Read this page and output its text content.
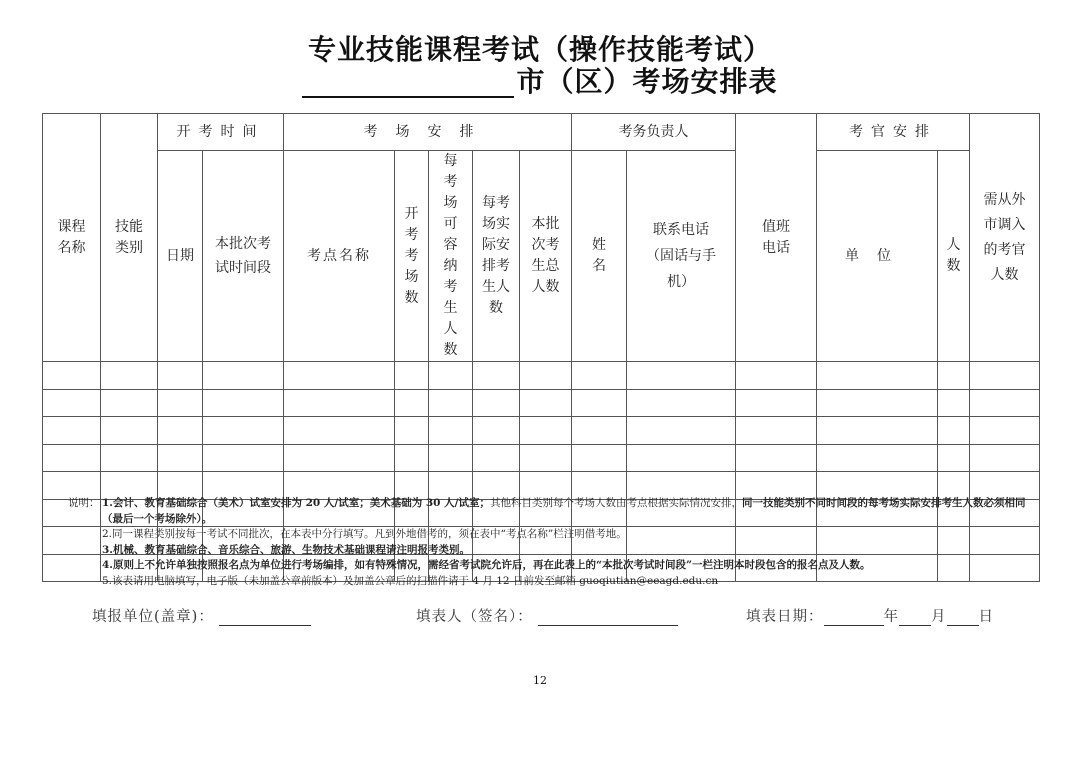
专业技能课程考试（操作技能考试）
市（区）考场安排表
课程名称	技能类别	开考时间		考场安排					考务负责人		值班电话	考官安排		需从外市调入的考官人数
		日期	本批次考试时间段	考点名称	开考考场数	每考场可容纳考生人数	每考场实际安排考生人数	本批次考生总人数	姓名	联系电话（固话与手机）		单位	人数	

说明： 1.会计、教育基础综合（美术）试室安排为 20 人/试室；美术基础为 30 人/试室；其他科目类别每个考场人数由考点根据实际情况安排，同一技能类别不同时间段的每考场实际安排考生人数必须相同（最后一个考场除外）。
2.同一课程类别按每一考试不同批次，在本表中分行填写。凡到外地借考的，须在表中“考点名称”栏注明借考地。
3.机械、教育基础综合、音乐综合、旅游、生物技术基础课程请注明报考类别。
4.原则上不允许单独按照报名点为单位进行考场编排，如有特殊情况，需经省考试院允许后，再在此表上的“本批次考试时间段”一栏注明本时段包含的报名点及人数。
5.该表请用电脑填写，电子版（未加盖公章前版本）及加盖公章后的扫描件请于 4 月 12 日前发至邮箱 guoqiutian@eeagd.edu.cn
填报单位(盖章)：	填表人（签名）：	填表日期：	年 月 日
12
